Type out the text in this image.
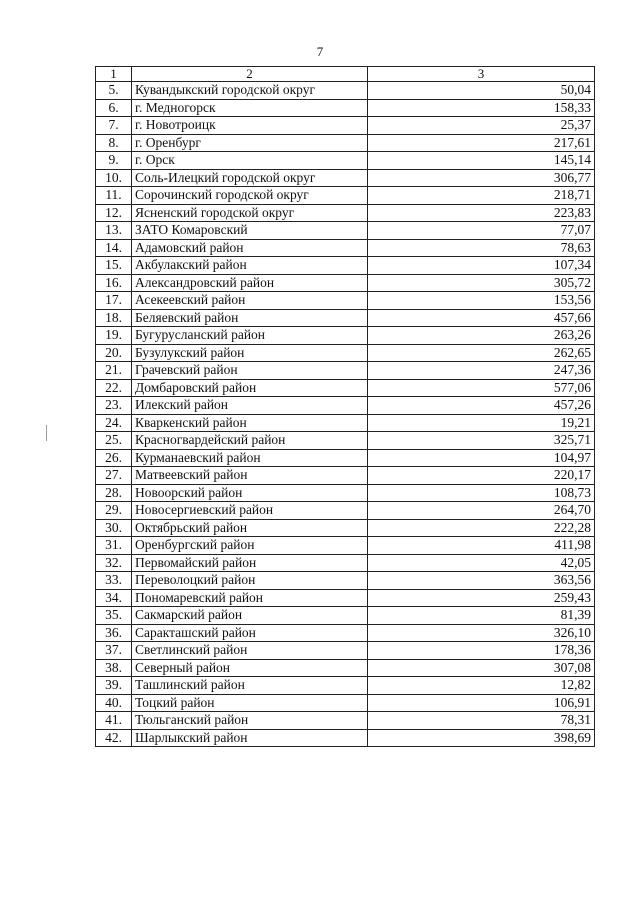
7
1	2	3
5.	Кувандыкский городской округ	50,04
6.	г. Медногорск	158,33
7.	г. Новотроицк	25,37
8.	г. Оренбург	217,61
9.	г. Орск	145,14
10.	Соль-Илецкий городской округ	306,77
11.	Сорочинский городской округ	218,71
12.	Ясненский городской округ	223,83
13.	ЗАТО Комаровский	77,07
14.	Адамовский район	78,63
15.	Акбулакский район	107,34
16.	Александровский район	305,72
17.	Асекеевский район	153,56
18.	Беляевский район	457,66
19.	Бугурусланский район	263,26
20.	Бузулукский район	262,65
21.	Грачевский район	247,36
22.	Домбаровский район	577,06
23.	Илекский район	457,26
24.	Кваркенский район	19,21
25.	Красногвардейский район	325,71
26.	Курманаевский район	104,97
27.	Матвеевский район	220,17
28.	Новоорский район	108,73
29.	Новосергиевский район	264,70
30.	Октябрьский район	222,28
31.	Оренбургский район	411,98
32.	Первомайский район	42,05
33.	Переволоцкий район	363,56
34.	Пономаревский район	259,43
35.	Сакмарский район	81,39
36.	Саракташский район	326,10
37.	Светлинский район	178,36
38.	Северный район	307,08
39.	Ташлинский район	12,82
40.	Тоцкий район	106,91
41.	Тюльганский район	78,31
42.	Шарлыкский район	398,69
